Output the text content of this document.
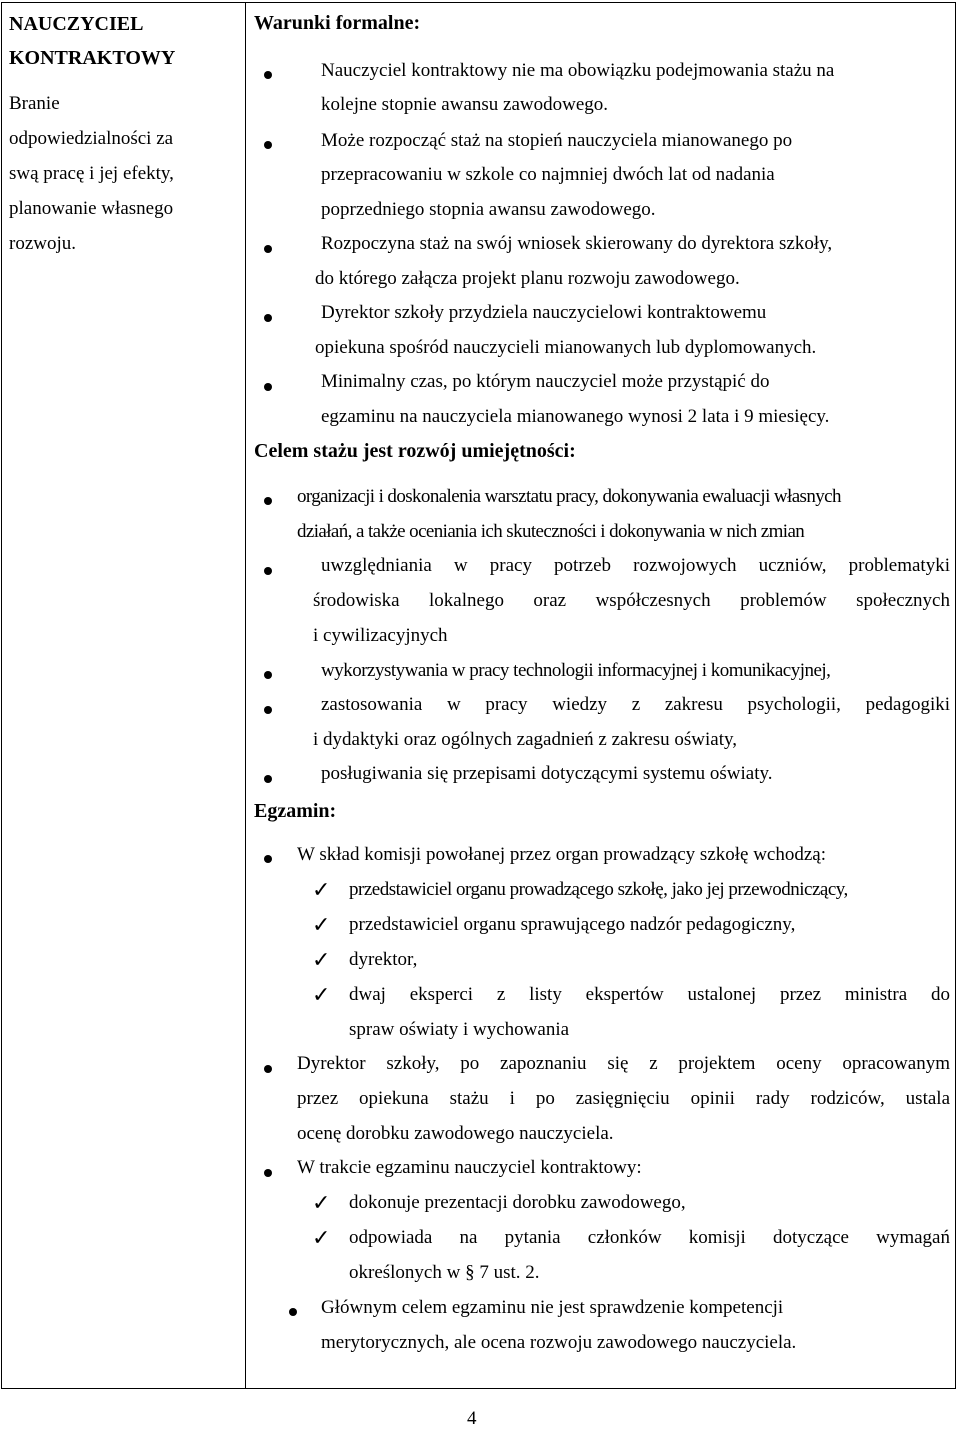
NAUCZYCIEL
KONTRAKTOWY
Branie
odpowiedzialności za
swą pracę i jej efekty,
planowanie własnego
rozwoju.
Warunki formalne:
Nauczyciel kontraktowy nie ma obowiązku podejmowania stażu na
kolejne stopnie awansu zawodowego.
Może rozpocząć staż na stopień nauczyciela mianowanego po
przepracowaniu w szkole co najmniej dwóch lat od nadania
poprzedniego stopnia awansu zawodowego.
Rozpoczyna staż na swój wniosek skierowany do dyrektora szkoły,
do którego załącza projekt planu rozwoju zawodowego.
Dyrektor szkoły przydziela nauczycielowi kontraktowemu
opiekuna spośród nauczycieli mianowanych lub dyplomowanych.
Minimalny czas, po którym nauczyciel może przystąpić do
egzaminu na nauczyciela mianowanego wynosi 2 lata i 9 miesięcy.
Celem stażu jest rozwój umiejętności:
organizacji i doskonalenia warsztatu pracy, dokonywania ewaluacji własnych
działań, a także oceniania ich skuteczności i dokonywania w nich zmian
uwzględniania w pracy potrzeb rozwojowych uczniów, problematyki
środowiska lokalnego oraz współczesnych problemów społecznych
i cywilizacyjnych
wykorzystywania w pracy technologii informacyjnej i komunikacyjnej,
zastosowania w pracy wiedzy z zakresu psychologii, pedagogiki
i dydaktyki oraz ogólnych zagadnień z zakresu oświaty,
posługiwania się przepisami dotyczącymi systemu oświaty.
Egzamin:
W skład komisji powołanej przez organ prowadzący szkołę wchodzą:
✓ przedstawiciel organu prowadzącego szkołę, jako jej przewodniczący,
✓ przedstawiciel organu sprawującego nadzór pedagogiczny,
✓ dyrektor,
✓ dwaj eksperci z listy ekspertów ustalonej przez ministra do
spraw oświaty i wychowania
Dyrektor szkoły, po zapoznaniu się z projektem oceny opracowanym
przez opiekuna stażu i po zasięgnięciu opinii rady rodziców, ustala
ocenę dorobku zawodowego nauczyciela.
W trakcie egzaminu nauczyciel kontraktowy:
✓ dokonuje prezentacji dorobku zawodowego,
✓ odpowiada na pytania członków komisji dotyczące wymagań
określonych w § 7 ust. 2.
Głównym celem egzaminu nie jest sprawdzenie kompetencji
merytorycznych, ale ocena rozwoju zawodowego nauczyciela.
4
